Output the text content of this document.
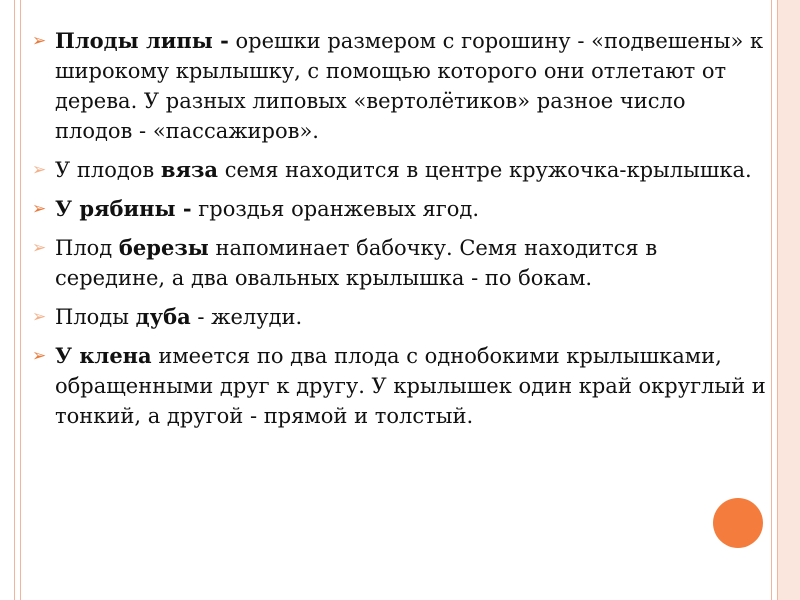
➢ Плоды липы - орешки размером с горошину - «подвешены» к широкому крылышку, с помощью которого они отлетают от дерева. У разных липовых «вертолётиков» разное число плодов - «пассажиров».
➢ У плодов вяза семя находится в центре кружочка-крылышка.
➢ У рябины - гроздья оранжевых ягод.
➢ Плод березы напоминает бабочку. Семя находится в середине, а два овальных крылышка - по бокам.
➢ Плоды дуба - желуди.
➢ У клена имеется по два плода с однобокими крылышками, обращенными друг к другу. У крылышек один край округлый и тонкий, а другой - прямой и толстый.
